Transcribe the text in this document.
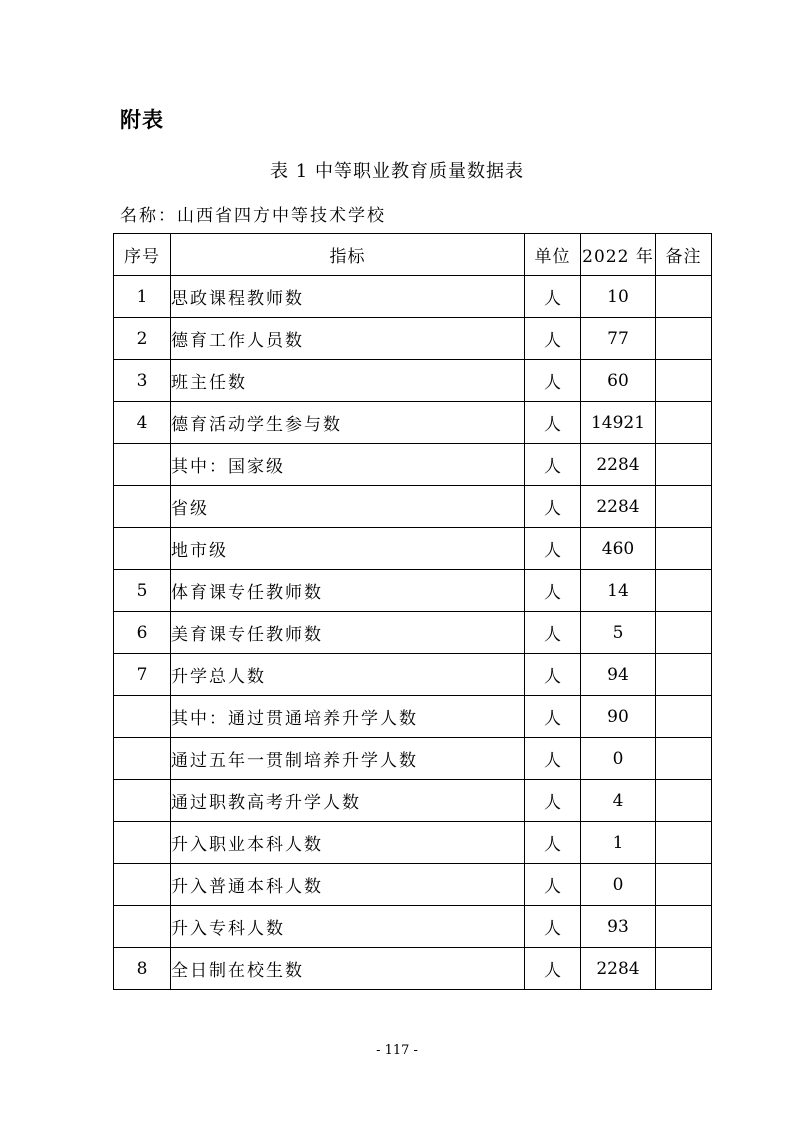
附表
表 1 中等职业教育质量数据表
名称：山西省四方中等技术学校
序号	指标	单位	2022 年	备注
1	思政课程教师数	人	10	
2	德育工作人员数	人	77	
3	班主任数	人	60	
4	德育活动学生参与数	人	14921	
	其中：国家级	人	2284	
	省级	人	2284	
	地市级	人	460	
5	体育课专任教师数	人	14	
6	美育课专任教师数	人	5	
7	升学总人数	人	94	
	其中：通过贯通培养升学人数	人	90	
	通过五年一贯制培养升学人数	人	0	
	通过职教高考升学人数	人	4	
	升入职业本科人数	人	1	
	升入普通本科人数	人	0	
	升入专科人数	人	93	
8	全日制在校生数	人	2284	
- 117 -
